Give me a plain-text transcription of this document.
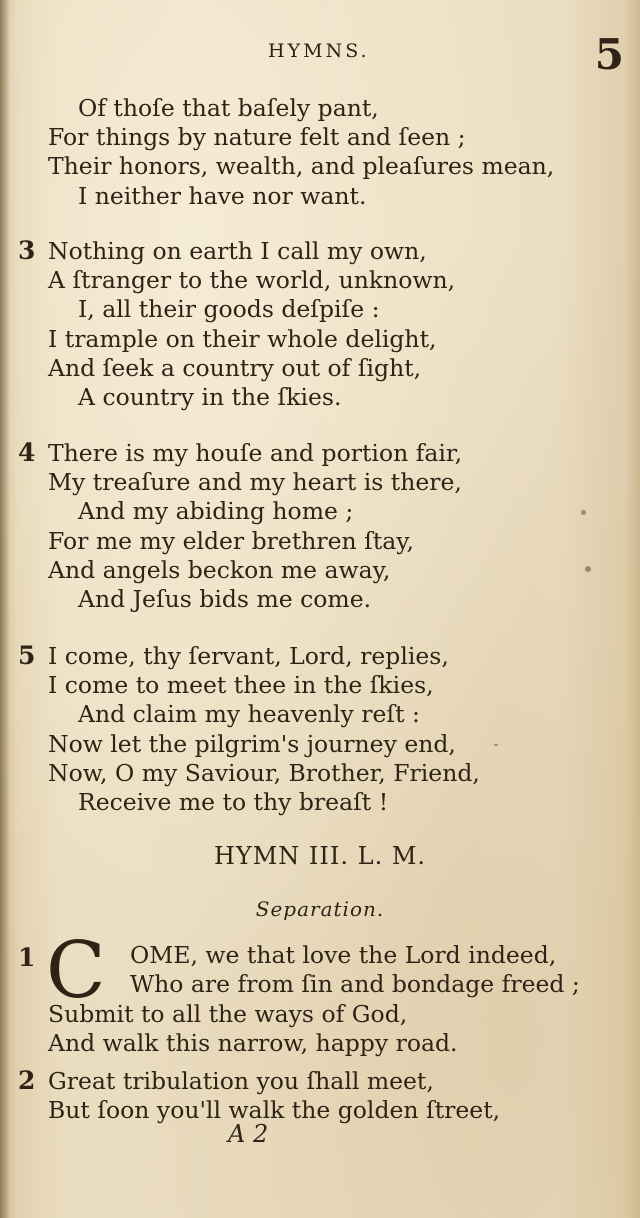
HYMNS.	5
Of thoſe that baſely pant,
For things by nature felt and ſeen ;
Their honors, wealth, and pleaſures mean,
I neither have nor want.
3 Nothing on earth I call my own,
A ſtranger to the world, unknown,
I, all their goods deſpiſe :
I trample on their whole delight,
And ſeek a country out of ſight,
A country in the ſkies.
4 There is my houſe and portion fair,
My treaſure and my heart is there,
And my abiding home ;
For me my elder brethren ſtay,
And angels beckon me away,
And Jeſus bids me come.
5 I come, thy ſervant, Lord, replies,
I come to meet thee in the ſkies,
And claim my heavenly reſt :
Now let the pilgrim's journey end,
Now, O my Saviour, Brother, Friend,
Receive me to thy breaſt !
HYMN III. L. M.
Separation.
C
1	OME, we that love the Lord indeed,
Who are from ſin and bondage freed ;
Submit to all the ways of God,
And walk this narrow, happy road.
2 Great tribulation you ſhall meet,
But ſoon you'll walk the golden ſtreet,
A 2
